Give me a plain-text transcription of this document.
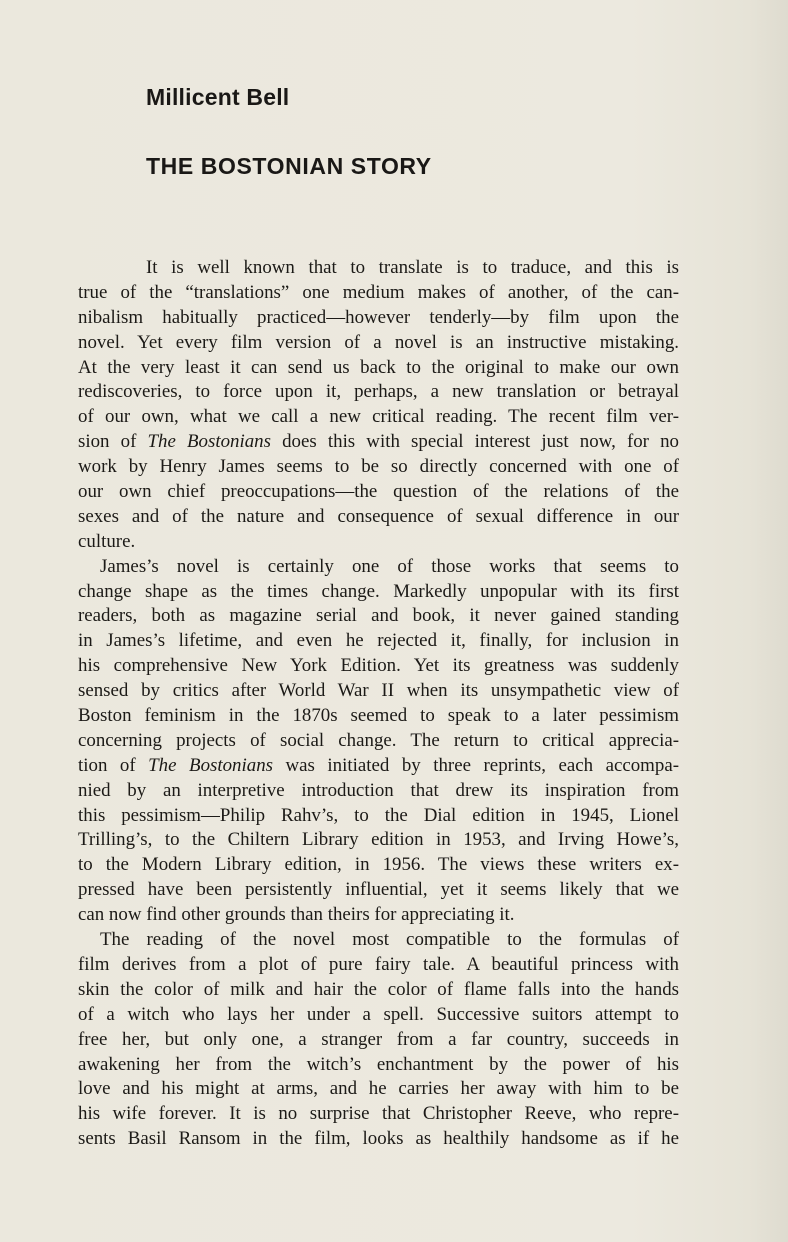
Millicent Bell
THE BOSTONIAN STORY
It is well known that to translate is to traduce, and this is
true of the “translations” one medium makes of another, of the can-
nibalism habitually practiced—however tenderly—by film upon the
novel. Yet every film version of a novel is an instructive mistaking.
At the very least it can send us back to the original to make our own
rediscoveries, to force upon it, perhaps, a new translation or betrayal
of our own, what we call a new critical reading. The recent film ver-
sion of The Bostonians does this with special interest just now, for no
work by Henry James seems to be so directly concerned with one of
our own chief preoccupations—the question of the relations of the
sexes and of the nature and consequence of sexual difference in our
culture.
James’s novel is certainly one of those works that seems to
change shape as the times change. Markedly unpopular with its first
readers, both as magazine serial and book, it never gained standing
in James’s lifetime, and even he rejected it, finally, for inclusion in
his comprehensive New York Edition. Yet its greatness was suddenly
sensed by critics after World War II when its unsympathetic view of
Boston feminism in the 1870s seemed to speak to a later pessimism
concerning projects of social change. The return to critical apprecia-
tion of The Bostonians was initiated by three reprints, each accompa-
nied by an interpretive introduction that drew its inspiration from
this pessimism—Philip Rahv’s, to the Dial edition in 1945, Lionel
Trilling’s, to the Chiltern Library edition in 1953, and Irving Howe’s,
to the Modern Library edition, in 1956. The views these writers ex-
pressed have been persistently influential, yet it seems likely that we
can now find other grounds than theirs for appreciating it.
The reading of the novel most compatible to the formulas of
film derives from a plot of pure fairy tale. A beautiful princess with
skin the color of milk and hair the color of flame falls into the hands
of a witch who lays her under a spell. Successive suitors attempt to
free her, but only one, a stranger from a far country, succeeds in
awakening her from the witch’s enchantment by the power of his
love and his might at arms, and he carries her away with him to be
his wife forever. It is no surprise that Christopher Reeve, who repre-
sents Basil Ransom in the film, looks as healthily handsome as if he
